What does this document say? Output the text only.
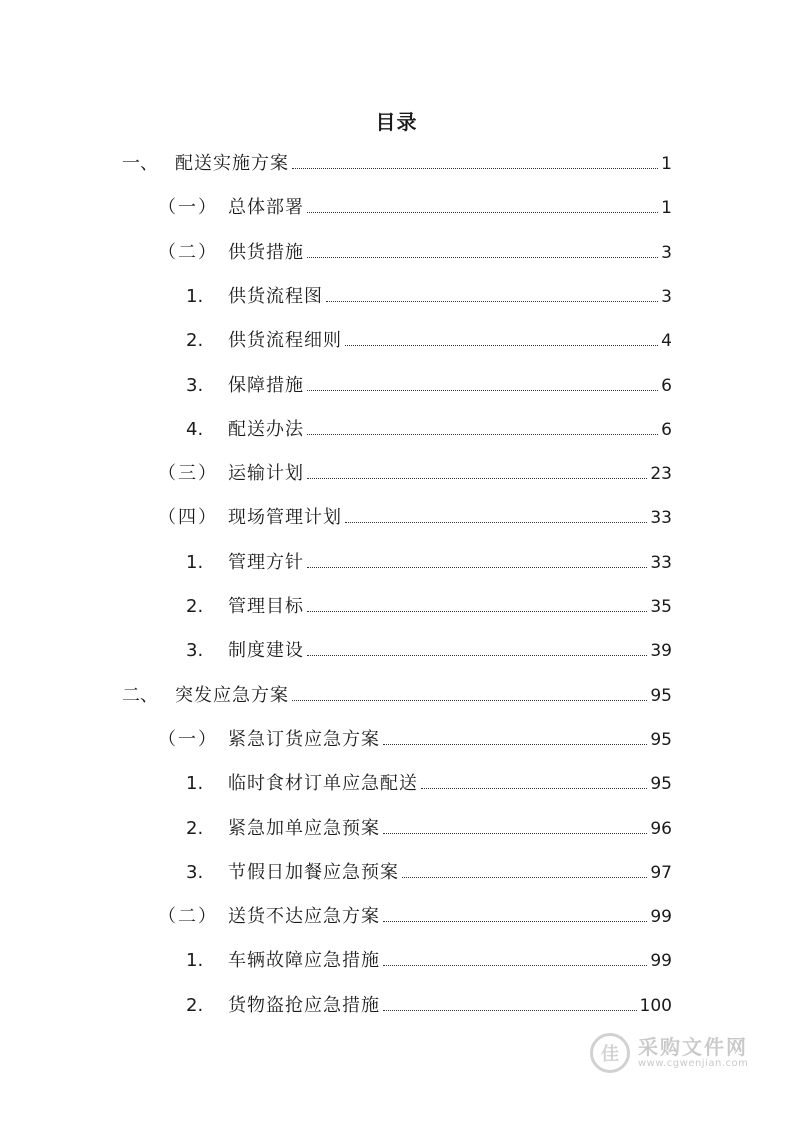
目录
一、 配送实施方案	1
（一） 总体部署	1
（二） 供货措施	3
1. 供货流程图	3
2. 供货流程细则	4
3. 保障措施	6
4. 配送办法	6
（三） 运输计划	23
（四） 现场管理计划	33
1. 管理方针	33
2. 管理目标	35
3. 制度建设	39
二、 突发应急方案	95
（一） 紧急订货应急方案	95
1. 临时食材订单应急配送	95
2. 紧急加单应急预案	96
3. 节假日加餐应急预案	97
（二） 送货不达应急方案	99
1. 车辆故障应急措施	99
2. 货物盗抢应急措施	100
佳 采购文件网
www.cgwenjian.com
